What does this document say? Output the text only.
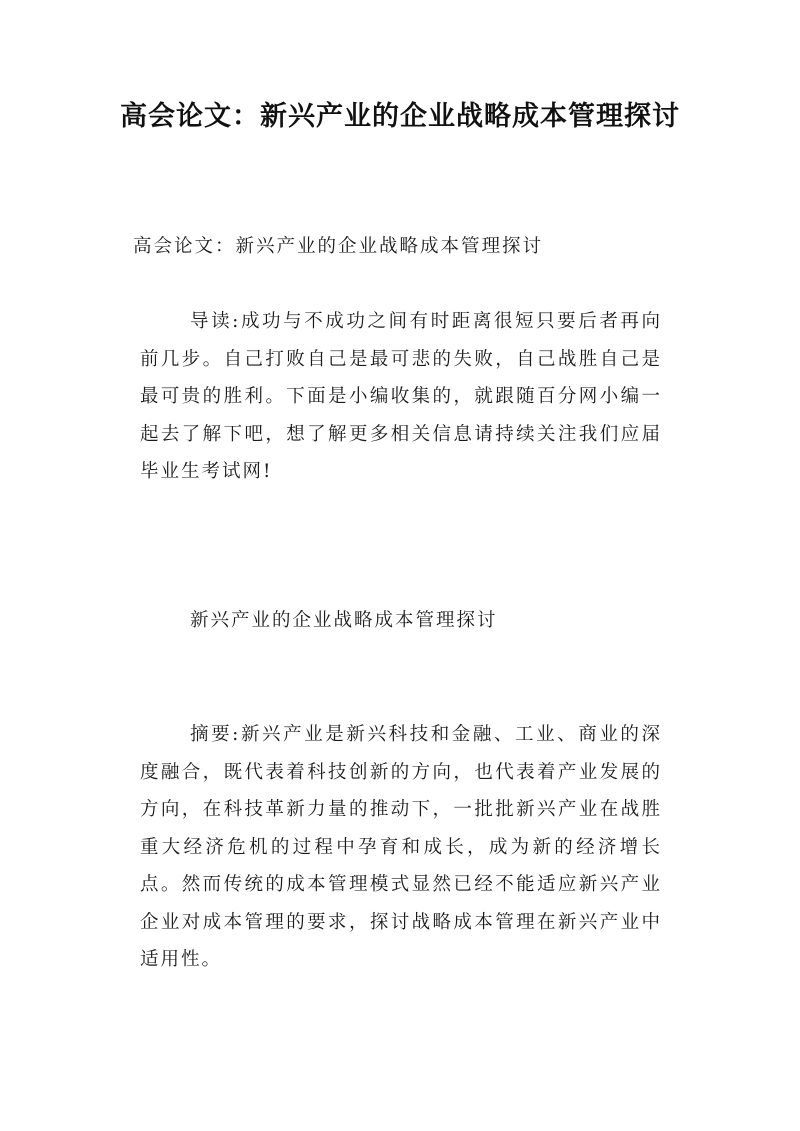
高会论文：新兴产业的企业战略成本管理探讨
高会论文：新兴产业的企业战略成本管理探讨

导读:成功与不成功之间有时距离很短只要后者再向前几步。自己打败自己是最可悲的失败，自己战胜自己是最可贵的胜利。下面是小编收集的，就跟随百分网小编一起去了解下吧，想了解更多相关信息请持续关注我们应届毕业生考试网!

新兴产业的企业战略成本管理探讨

摘要:新兴产业是新兴科技和金融、工业、商业的深度融合，既代表着科技创新的方向，也代表着产业发展的方向，在科技革新力量的推动下，一批批新兴产业在战胜重大经济危机的过程中孕育和成长，成为新的经济增长点。然而传统的成本管理模式显然已经不能适应新兴产业企业对成本管理的要求，探讨战略成本管理在新兴产业中适用性。
